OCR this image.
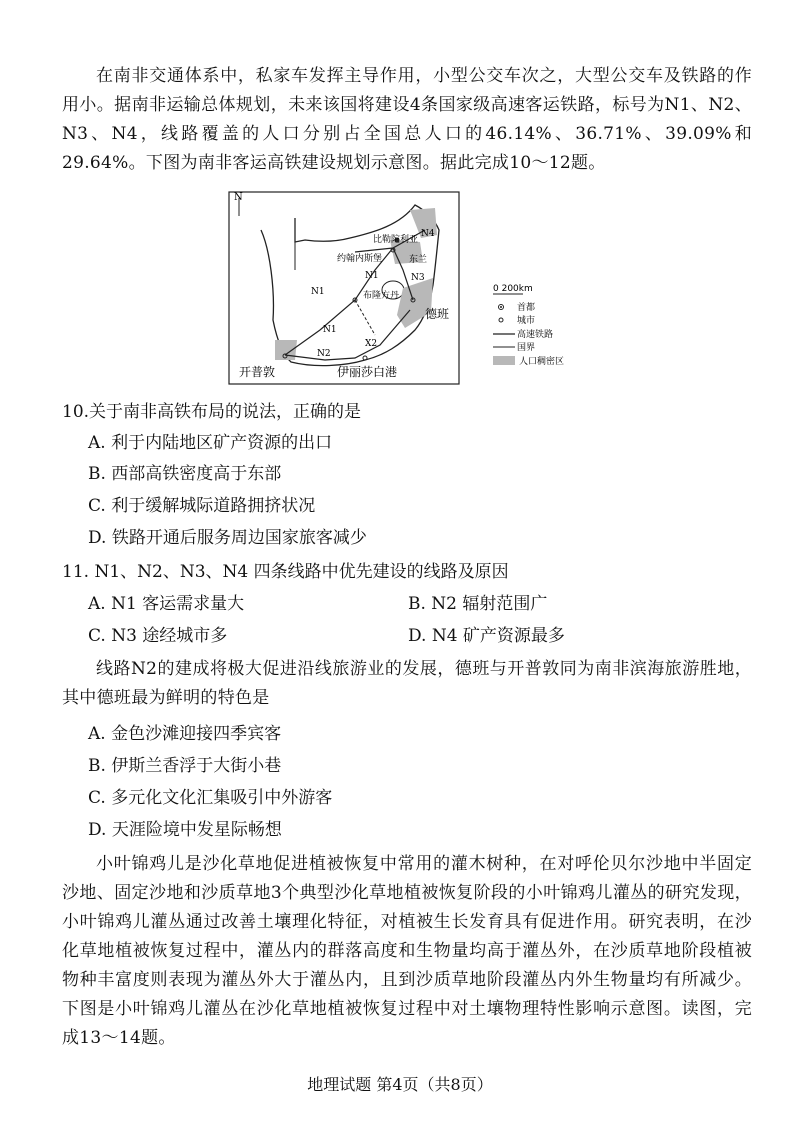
在南非交通体系中，私家车发挥主导作用，小型公交车次之，大型公交车及铁路的作用小。据南非运输总体规划，未来该国将建设4条国家级高速客运铁路，标号为N1、N2、N3、N4，线路覆盖的人口分别占全国总人口的46.14%、36.71%、39.09%和29.64%。下图为南非客运高铁建设规划示意图。据此完成10～12题。

N
比勒陀利亚
约翰内斯堡	东兰
布隆方丹
德班
开普敦	伊丽莎白港
N1
N1
N1
N2
N3
N4
X2
0 200km
首都
城市
高速铁路
国界
人口稠密区

10.关于南非高铁布局的说法，正确的是

A. 利于内陆地区矿产资源的出口

B. 西部高铁密度高于东部

C. 利于缓解城际道路拥挤状况

D. 铁路开通后服务周边国家旅客减少

11. N1、N2、N3、N4 四条线路中优先建设的线路及原因

A. N1 客运需求量大	B. N2 辐射范围广

C. N3 途经城市多	D. N4 矿产资源最多

线路N2的建成将极大促进沿线旅游业的发展，德班与开普敦同为南非滨海旅游胜地，其中德班最为鲜明的特色是

A. 金色沙滩迎接四季宾客

B. 伊斯兰香浮于大街小巷

C. 多元化文化汇集吸引中外游客

D. 天涯险境中发星际畅想

小叶锦鸡儿是沙化草地促进植被恢复中常用的灌木树种，在对呼伦贝尔沙地中半固定沙地、固定沙地和沙质草地3个典型沙化草地植被恢复阶段的小叶锦鸡儿灌丛的研究发现，小叶锦鸡儿灌丛通过改善土壤理化特征，对植被生长发育具有促进作用。研究表明，在沙化草地植被恢复过程中，灌丛内的群落高度和生物量均高于灌丛外，在沙质草地阶段植被物种丰富度则表现为灌丛外大于灌丛内，且到沙质草地阶段灌丛内外生物量均有所减少。下图是小叶锦鸡儿灌丛在沙化草地植被恢复过程中对土壤物理特性影响示意图。读图，完成13～14题。

地理试题 第4页（共8页）
